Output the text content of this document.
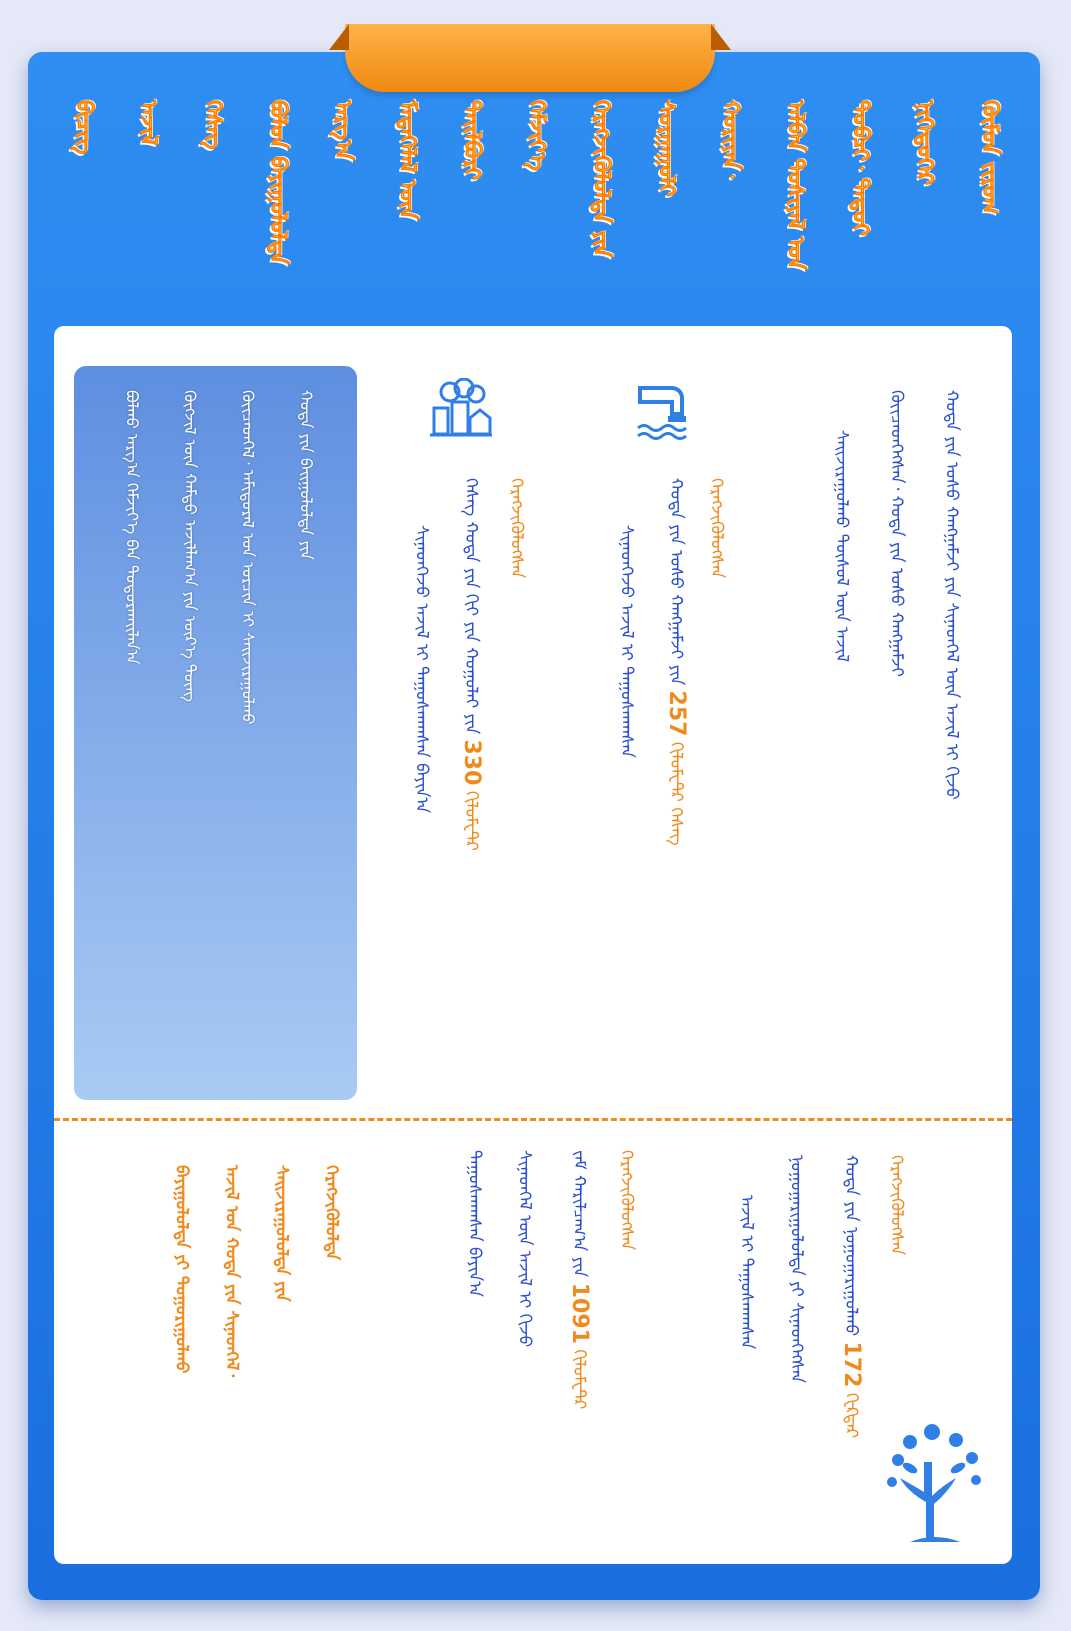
ᠬᠦᠮᠦᠨ ᠵᠢᠷᠤᠭ
ᠨᠢᠭᠡᠳᠦᠭᠡᠷ
ᠲᠣᠪᠴᠢ᠂ ᠲᠡᠳᠦᠶ
ᠠᠯᠪᠠᠨ ᠲᠤᠰᠢᠶᠠᠯ ᠤᠨ
ᠬᠣᠷᠢᠶᠠᠨ᠂
ᠰᠤᠷᠭᠠᠭᠤᠯᠢ
ᠬᠡᠷᠡᠭᠵᠢᠭᠦᠯᠦᠯᠲᠡ ᠶᠢᠨ
ᠬᠡᠮᠵᠢᠶ᠎ᠡ
ᠲᠠᠢᠯᠪᠤᠷᠢ
ᠮᠡᠳᠡᠭᠡᠯᠡᠯ ᠦᠨ
ᠠᠷᠭ᠎ᠠ
ᠪᠣᠯᠤᠨ ᠪᠠᠶᠢᠭᠤᠯᠤᠯᠲᠠ
ᠬᠡᠰᠡᠭ
ᠠᠵᠢᠯ
ᠪᠢᠴᠢᠭ
ᠬᠣᠲᠠ ᠶᠢᠨ ᠤᠰᠤ ᠬᠠᠩᠭᠠᠮᠵᠢ ᠶᠢᠨ ᠰᠢᠨᠡᠳᠬᠡᠯ ᠦᠨ ᠠᠵᠢᠯ ᠢ ᠬᠢᠵᠦ
ᠭᠦᠢᠴᠡᠳᠬᠡᠭᠰᠡᠨ᠂ ᠬᠣᠲᠠ ᠶᠢᠨ ᠤᠰᠤ ᠬᠠᠩᠭᠠᠮᠵᠢ
ᠰᠠᠢᠵᠢᠷᠠᠭᠤᠯᠬᠤ ᠲᠥᠰᠦᠯ ᠦᠨ ᠠᠵᠢᠯ
ᠬᠡᠷᠡᠭᠵᠢᠭᠦᠯᠦᠭᠰᠡᠨ
ᠬᠣᠲᠠ ᠶᠢᠨ ᠤᠰᠤ ᠬᠠᠩᠭᠠᠮᠵᠢ ᠶᠢᠨ 257 ᠬᠢᠯᠣᠮᠧᠲᠷ ᠬᠡᠰᠡᠭ
ᠰᠢᠨᠡᠳᠬᠡᠵᠦ ᠠᠵᠢᠯ ᠢ ᠳᠠᠭᠤᠰᠭᠠᠭᠰᠠᠨ
ᠬᠡᠷᠡᠭᠵᠢᠭᠦᠯᠦᠭᠰᠡᠨ
ᠬᠡᠰᠡᠭ ᠬᠣᠲᠠ ᠶᠢᠨ ᠬᠢᠶ ᠶᠢᠨ ᠬᠣᠭᠣᠯᠠᠢ ᠶᠢᠨ 330 ᠬᠢᠯᠣᠮᠧᠲᠷ
ᠰᠢᠨᠡᠳᠬᠡᠵᠦ ᠠᠵᠢᠯ ᠢ ᠳᠠᠭᠤᠰᠭᠠᠭᠰᠠᠨ ᠪᠠᠶᠢᠨ᠎ᠠ
ᠬᠣᠲᠠ ᠶᠢᠨ ᠪᠠᠢᠭᠤᠯᠤᠯᠲᠠ ᠶᠢᠨ
ᠭᠦᠢᠴᠡᠳᠭᠡᠯ᠂ ᠠᠮᠢᠳᠤᠷᠠᠯ ᠤᠨ ᠣᠷᠴᠢᠨ ᠢ ᠰᠠᠢᠵᠢᠷᠠᠭᠤᠯᠬᠤ
ᠬᠥᠭᠵᠢᠯ ᠦᠨ ᠬᠠᠮᠲᠤ ᠠᠵᠢᠯᠯᠠᠭ᠎ᠠ ᠶᠢᠨ ᠦᠷ᠎ᠡ ᠳᠦᠩ
ᠪᠣᠯᠬᠤ ᠠᠷᠭ᠎ᠠ ᠬᠡᠮᠵᠢᠶ᠎ᠡ ᠪᠡᠨ ᠲᠣᠳᠣᠷᠬᠠᠢᠯᠠᠨ᠎ᠠ
ᠬᠡᠷᠡᠭᠵᠢᠭᠦᠯᠦᠭᠰᠡᠨ
ᠬᠣᠲᠠ ᠶᠢᠨ ᠨᠣᠭᠣᠭᠠᠷᠢᠭᠤᠯᠬᠤ 172 ᠭᠧᠺᠲᠠᠷ
ᠨᠣᠭᠣᠭᠠᠷᠢᠭᠤᠯᠤᠯᠲᠠ ᠶᠢ ᠰᠢᠨᠡᠳᠬᠡᠭᠰᠡᠨ
ᠠᠵᠢᠯ ᠢ ᠳᠠᠭᠤᠰᠭᠠᠭᠰᠠᠨ
ᠬᠡᠷᠡᠭᠵᠢᠭᠦᠯᠦᠭᠰᠡᠨ
ᠵᠠᠮ ᠬᠠᠷᠢᠯᠴᠠᠭ᠎ᠠ ᠶᠢᠨ 1091 ᠬᠢᠯᠣᠮᠧᠲᠷ
ᠰᠢᠨᠡᠳᠬᠡᠯ ᠦᠨ ᠠᠵᠢᠯ ᠢ ᠬᠢᠵᠦ
ᠳᠠᠭᠤᠰᠭᠠᠭᠰᠠᠨ ᠪᠠᠶᠢᠨ᠎ᠠ
ᠬᠡᠷᠡᠭᠵᠢᠭᠦᠯᠦᠯᠲᠡ
ᠰᠠᠢᠵᠢᠷᠠᠭᠤᠯᠤᠯᠲᠠ ᠶᠢᠨ
ᠠᠵᠢᠯ ᠤᠨ ᠬᠣᠲᠠ ᠶᠢᠨ ᠰᠢᠨᠡᠳᠬᠡᠯ᠂
ᠪᠠᠶᠢᠭᠤᠯᠤᠯᠲᠠ ᠶᠢ ᠲᠣᠭᠤᠷᠢᠭᠤᠯᠬᠤ
